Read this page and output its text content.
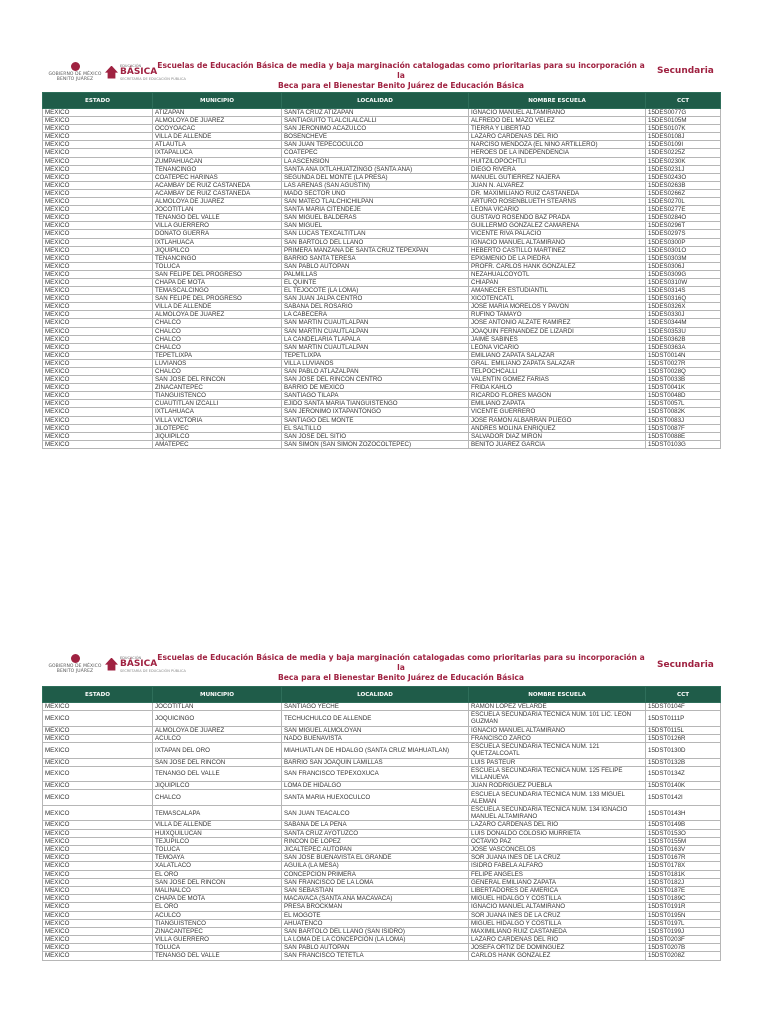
GOBIERNO DE MÉXICO
BENITO JUÁREZ
EDUCACIÓN
BÁSICA
SECRETARÍA DE EDUCACIÓN PÚBLICA
Escuelas de Educación Básica de media y baja marginación catalogadas como prioritarias para su incorporación a la
Beca para el Bienestar Benito Juárez de Educación Básica
Secundaria
ESTADO	MUNICIPIO	LOCALIDAD	NOMBRE ESCUELA	CCT
MEXICO	ATIZAPAN	SANTA CRUZ ATIZAPAN	IGNACIO MANUEL ALTAMIRANO	15DES0077G
MEXICO	ALMOLOYA DE JUAREZ	SANTIAGUITO TLALCILALCALLI	ALFREDO DEL MAZO VELEZ	15DES0105M
MEXICO	OCOYOACAC	SAN JERONIMO ACAZULCO	TIERRA Y LIBERTAD	15DES0107K
MEXICO	VILLA DE ALLENDE	BOSENCHEVE	LAZARO CARDENAS DEL RIO	15DES0108J
MEXICO	ATLAUTLA	SAN JUAN TEPECOCULCO	NARCISO MENDOZA (EL NIÑO ARTILLERO)	15DES0109I
MEXICO	IXTAPALUCA	COATEPEC	HEROES DE LA INDEPENDENCIA	15DES0225Z
MEXICO	ZUMPAHUACAN	LA ASCENSION	HUITZILOPOCHTLI	15DES0230K
MEXICO	TENANCINGO	SANTA ANA IXTLAHUATZINGO (SANTA ANA)	DIEGO RIVERA	15DES0231J
MEXICO	COATEPEC HARINAS	SEGUNDA DEL MONTE (LA PRESA)	MANUEL GUTIERREZ NAJERA	15DES0243O
MEXICO	ACAMBAY DE RUIZ CASTANEDA	LAS ARENAS (SAN AGUSTIN)	JUAN N. ALVAREZ	15DES0263B
MEXICO	ACAMBAY DE RUIZ CASTANEDA	MADO SECTOR UNO	DR. MAXIMILIANO RUIZ CASTANEDA	15DES0266Z
MEXICO	ALMOLOYA DE JUAREZ	SAN MATEO TLALCHICHILPAN	ARTURO ROSENBLUETH STEARNS	15DES0270L
MEXICO	JOCOTITLAN	SANTA MARIA CITENDEJE	LEONA VICARIO	15DES0277E
MEXICO	TENANGO DEL VALLE	SAN MIGUEL BALDERAS	GUSTAVO ROSENDO BAZ PRADA	15DES0284O
MEXICO	VILLA GUERRERO	SAN MIGUEL	GUILLERMO GONZALEZ CAMARENA	15DES0296T
MEXICO	DONATO GUERRA	SAN LUCAS TEXCALTITLAN	VICENTE RIVA PALACIO	15DES0297S
MEXICO	IXTLAHUACA	SAN BARTOLO DEL LLANO	IGNACIO MANUEL ALTAMIRANO	15DES0300P
MEXICO	JIQUIPILCO	PRIMERA MANZANA DE SANTA CRUZ TEPEXPAN	HEBERTO CASTILLO MARTINEZ	15DES0301O
MEXICO	TENANCINGO	BARRIO SANTA TERESA	EPIGMENIO DE LA PIEDRA	15DES0303M
MEXICO	TOLUCA	SAN PABLO AUTOPAN	PROFR. CARLOS HANK GONZALEZ	15DES0306J
MEXICO	SAN FELIPE DEL PROGRESO	PALMILLAS	NEZAHUALCOYOTL	15DES0309G
MEXICO	CHAPA DE MOTA	EL QUINTE	CHIAPAN	15DES0310W
MEXICO	TEMASCALCINGO	EL TEJOCOTE (LA LOMA)	AMANECER ESTUDIANTIL	15DES0314S
MEXICO	SAN FELIPE DEL PROGRESO	SAN JUAN JALPA CENTRO	XICOTENCATL	15DES0316Q
MEXICO	VILLA DE ALLENDE	SABANA DEL ROSARIO	JOSE MARIA MORELOS Y PAVON	15DES0326X
MEXICO	ALMOLOYA DE JUAREZ	LA CABECERA	RUFINO TAMAYO	15DES0330J
MEXICO	CHALCO	SAN MARTIN CUAUTLALPAN	JOSE ANTONIO ALZATE RAMIREZ	15DES0344M
MEXICO	CHALCO	SAN MARTIN CUAUTLALPAN	JOAQUIN FERNANDEZ DE LIZARDI	15DES0353U
MEXICO	CHALCO	LA CANDELARIA TLAPALA	JAIME SABINES	15DES0362B
MEXICO	CHALCO	SAN MARTIN CUAUTLALPAN	LEONA VICARIO	15DES0363A
MEXICO	TEPETLIXPA	TEPETLIXPA	EMILIANO ZAPATA SALAZAR	15DST0014N
MEXICO	LUVIANOS	VILLA LUVIANOS	GRAL. EMILIANO ZAPATA SALAZAR	15DST0027R
MEXICO	CHALCO	SAN PABLO ATLAZALPAN	TELPOCHCALLI	15DST0028Q
MEXICO	SAN JOSE DEL RINCON	SAN JOSE DEL RINCON CENTRO	VALENTIN GOMEZ FARIAS	15DST0033B
MEXICO	ZINACANTEPEC	BARRIO DE MEXICO	FRIDA KAHLO	15DST0041K
MEXICO	TIANGUISTENCO	SANTIAGO TILAPA	RICARDO FLORES MAGON	15DST0048D
MEXICO	CUAUTITLAN IZCALLI	EJIDO SANTA MARIA TIANGUISTENGO	EMILIANO ZAPATA	15DST0057L
MEXICO	IXTLAHUACA	SAN JERONIMO IXTAPANTONGO	VICENTE GUERRERO	15DST0082K
MEXICO	VILLA VICTORIA	SANTIAGO DEL MONTE	JOSE RAMON ALBARRAN PLIEGO	15DST0083J
MEXICO	JILOTEPEC	EL SALTILLO	ANDRES MOLINA ENRIQUEZ	15DST0087F
MEXICO	JIQUIPILCO	SAN JOSE DEL SITIO	SALVADOR DIAZ MIRON	15DST0088E
MEXICO	AMATEPEC	SAN SIMON (SAN SIMON ZOZOCOLTEPEC)	BENITO JUAREZ GARCIA	15DST0103G
GOBIERNO DE MÉXICO
BENITO JUÁREZ
EDUCACIÓN
BÁSICA
SECRETARÍA DE EDUCACIÓN PÚBLICA
Escuelas de Educación Básica de media y baja marginación catalogadas como prioritarias para su incorporación a la
Beca para el Bienestar Benito Juárez de Educación Básica
Secundaria
ESTADO	MUNICIPIO	LOCALIDAD	NOMBRE ESCUELA	CCT
MEXICO	JOCOTITLAN	SANTIAGO YECHE	RAMON LOPEZ VELARDE	15DST0104F
MEXICO	JOQUICINGO	TECHUCHULCO DE ALLENDE	ESCUELA SECUNDARIA TECNICA NUM. 101 LIC. LEON GUZMAN	15DST0111P
MEXICO	ALMOLOYA DE JUAREZ	SAN MIGUEL ALMOLOYAN	IGNACIO MANUEL ALTAMIRANO	15DST0115L
MEXICO	ACULCO	NADO BUENAVISTA	FRANCISCO ZARCO	15DST0126R
MEXICO	IXTAPAN DEL ORO	MIAHUATLAN DE HIDALGO (SANTA CRUZ MIAHUATLAN)	ESCUELA SECUNDARIA TECNICA NUM. 121 QUETZALCOATL	15DST0130D
MEXICO	SAN JOSE DEL RINCON	BARRIO SAN JOAQUIN LAMILLAS	LUIS PASTEUR	15DST0132B
MEXICO	TENANGO DEL VALLE	SAN FRANCISCO TEPEXOXUCA	ESCUELA SECUNDARIA TECNICA NUM. 125 FELIPE VILLANUEVA	15DST0134Z
MEXICO	JIQUIPILCO	LOMA DE HIDALGO	JUAN RODRIGUEZ PUEBLA	15DST0140K
MEXICO	CHALCO	SANTA MARIA HUEXOCULCO	ESCUELA SECUNDARIA TECNICA NUM. 133 MIGUEL ALEMAN	15DST0142I
MEXICO	TEMASCALAPA	SAN JUAN TEACALCO	ESCUELA SECUNDARIA TECNICA NUM. 134 IGNACIO MANUEL ALTAMIRANO	15DST0143H
MEXICO	VILLA DE ALLENDE	SABANA DE LA PENA	LAZARO CARDENAS DEL RIO	15DST0149B
MEXICO	HUIXQUILUCAN	SANTA CRUZ AYOTUZCO	LUIS DONALDO COLOSIO MURRIETA	15DST0153O
MEXICO	TEJUPILCO	RINCON DE LOPEZ	OCTAVIO PAZ	15DST0155M
MEXICO	TOLUCA	JICALTEPEC AUTOPAN	JOSE VASCONCELOS	15DST0163V
MEXICO	TEMOAYA	SAN JOSE BUENAVISTA EL GRANDE	SOR JUANA INES DE LA CRUZ	15DST0167R
MEXICO	XALATLACO	AGUILA (LA MESA)	ISIDRO FABELA ALFARO	15DST0178X
MEXICO	EL ORO	CONCEPCION PRIMERA	FELIPE ANGELES	15DST0181K
MEXICO	SAN JOSE DEL RINCON	SAN FRANCISCO DE LA LOMA	GENERAL EMILIANO ZAPATA	15DST0182J
MEXICO	MALINALCO	SAN SEBASTIAN	LIBERTADORES DE AMERICA	15DST0187E
MEXICO	CHAPA DE MOTA	MACAVACA (SANTA ANA MACAVACA)	MIGUEL HIDALGO Y COSTILLA	15DST0189C
MEXICO	EL ORO	PRESA BROCKMAN	IGNACIO MANUEL ALTAMIRANO	15DST0191R
MEXICO	ACULCO	EL MOGOTE	SOR JUANA INES DE LA CRUZ	15DST0195N
MEXICO	TIANGUISTENCO	AHUATENCO	MIGUEL HIDALGO Y COSTILLA	15DST0197L
MEXICO	ZINACANTEPEC	SAN BARTOLO DEL LLANO (SAN ISIDRO)	MAXIMILIANO RUIZ CASTANEDA	15DST0199J
MEXICO	VILLA GUERRERO	LA LOMA DE LA CONCEPCION (LA LOMA)	LAZARO CARDENAS DEL RIO	15DST0203F
MEXICO	TOLUCA	SAN PABLO AUTOPAN	JOSEFA ORTIZ DE DOMINGUEZ	15DST0207B
MEXICO	TENANGO DEL VALLE	SAN FRANCISCO TETETLA	CARLOS HANK GONZALEZ	15DST0208Z
